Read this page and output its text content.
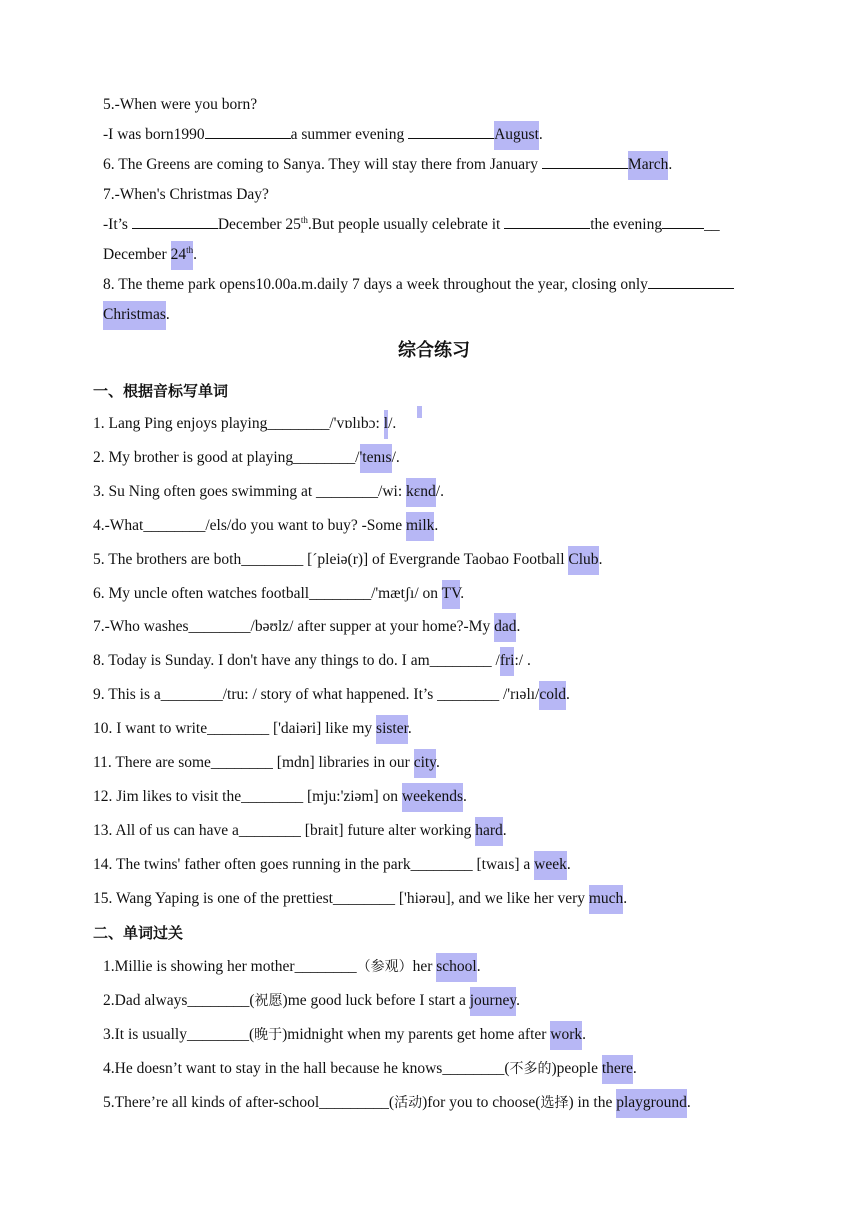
5.-When were you born?
-I was born1990	a summer evening	August.
6. The Greens are coming to Sanya. They will stay there from January	March.
7.-When's Christmas Day?
-It’s	December 25th.But people usually celebrate it	the evening	__
December 24th.
8. The theme park opens10.00a.m.daily 7 days a week throughout the year, closing only
Christmas.
综合练习
一、根据音标写单词
1. Lang Ping enjoys playing________/'vɒlıbɔ: l/.
2. My brother is good at playing________/'tenıs/.
3. Su Ning often goes swimming at ________/wi: kɛnd/.
4.-What________/els/do you want to buy? -Some milk.
5. The brothers are both________ [´pleiə(r)] of Evergrande Taobao Football Club.
6. My uncle often watches football________/'mætʃı/ on TV.
7.-Who washes________/bəʊlz/ after supper at your home?-My dad.
8. Today is Sunday. I don't have any things to do. I am________ /fri:/ .
9. This is a________/tru: / story of what happened. It’s ________ /'rıəlı/cold.
10. I want to write________ ['daiəri] like my sister.
11. There are some________ [mdn] libraries in our city.
12. Jim likes to visit the________ [mju:'ziəm] on weekends.
13. All of us can have a________ [brait] future alter working hard.
14. The twins' father often goes running in the park________ [twaıs] a week.
15. Wang Yaping is one of the prettiest________ ['hiərəu], and we like her very much.
二、单词过关
1.Millie is showing her mother________（参观）her school.
2.Dad always________(祝愿)me good luck before I start a journey.
3.It is usually________(晚于)midnight when my parents get home after work.
4.He doesn’t want to stay in the hall because he knows________(不多的)people there.
5.There’re all kinds of after-school_________(活动)for you to choose(选择) in the playground.
